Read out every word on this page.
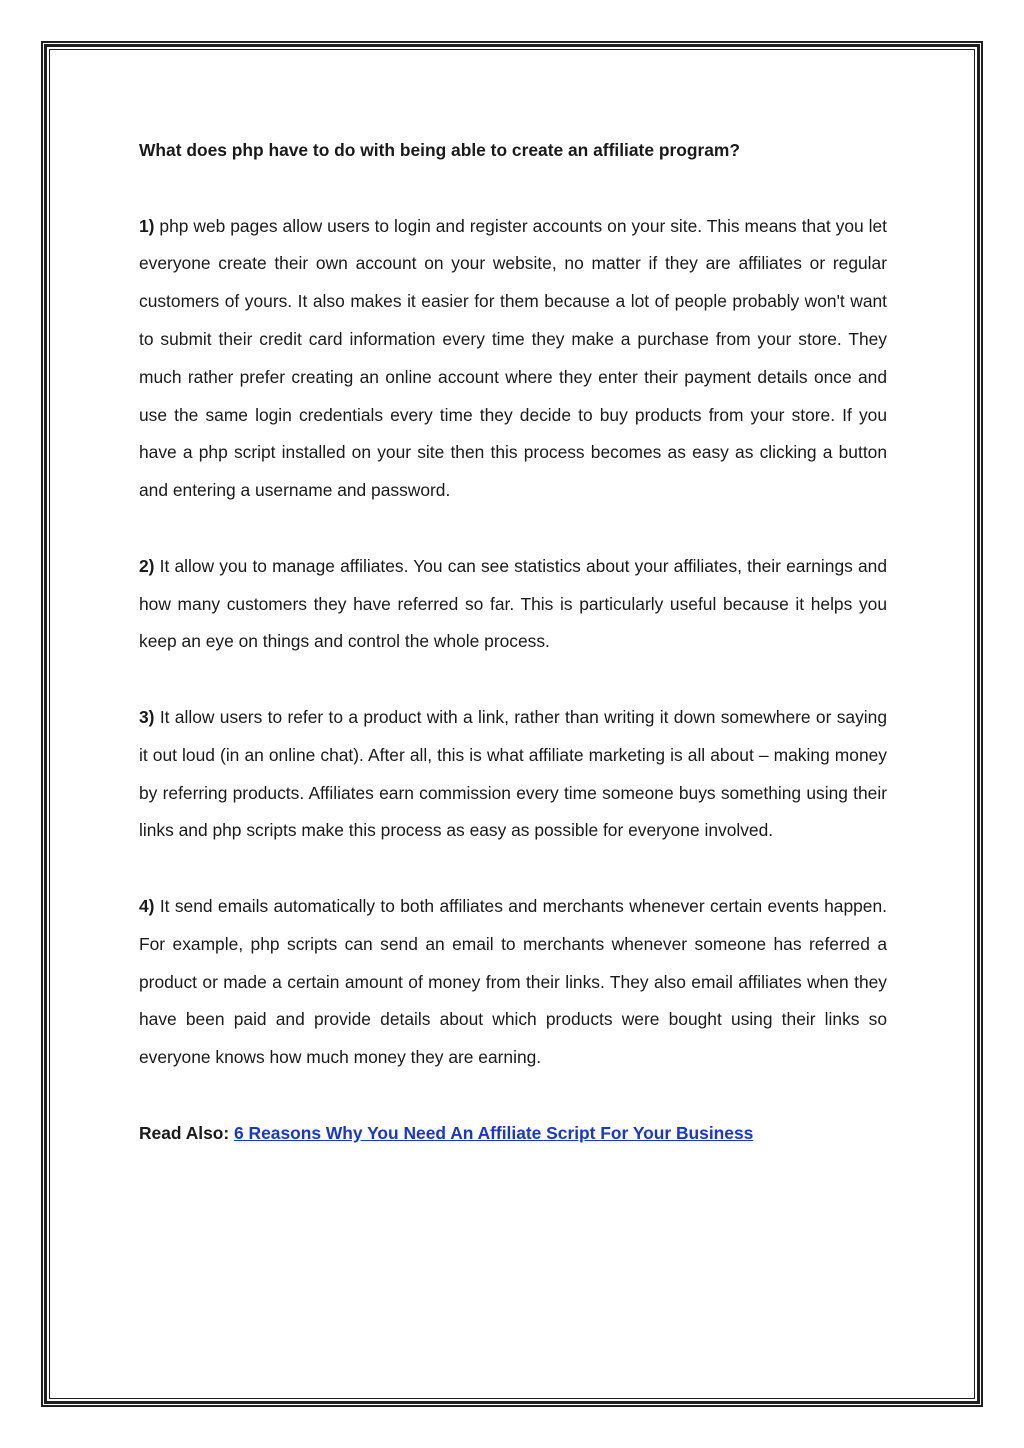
What does php have to do with being able to create an affiliate program?

1) php web pages allow users to login and register accounts on your site. This means that you let everyone create their own account on your website, no matter if they are affiliates or regular customers of yours. It also makes it easier for them because a lot of people probably won't want to submit their credit card information every time they make a purchase from your store. They much rather prefer creating an online account where they enter their payment details once and use the same login credentials every time they decide to buy products from your store. If you have a php script installed on your site then this process becomes as easy as clicking a button and entering a username and password.

2) It allow you to manage affiliates. You can see statistics about your affiliates, their earnings and how many customers they have referred so far. This is particularly useful because it helps you keep an eye on things and control the whole process.

3) It allow users to refer to a product with a link, rather than writing it down somewhere or saying it out loud (in an online chat). After all, this is what affiliate marketing is all about – making money by referring products. Affiliates earn commission every time someone buys something using their links and php scripts make this process as easy as possible for everyone involved.

4) It send emails automatically to both affiliates and merchants whenever certain events happen. For example, php scripts can send an email to merchants whenever someone has referred a product or made a certain amount of money from their links. They also email affiliates when they have been paid and provide details about which products were bought using their links so everyone knows how much money they are earning.

Read Also: 6 Reasons Why You Need An Affiliate Script For Your Business
